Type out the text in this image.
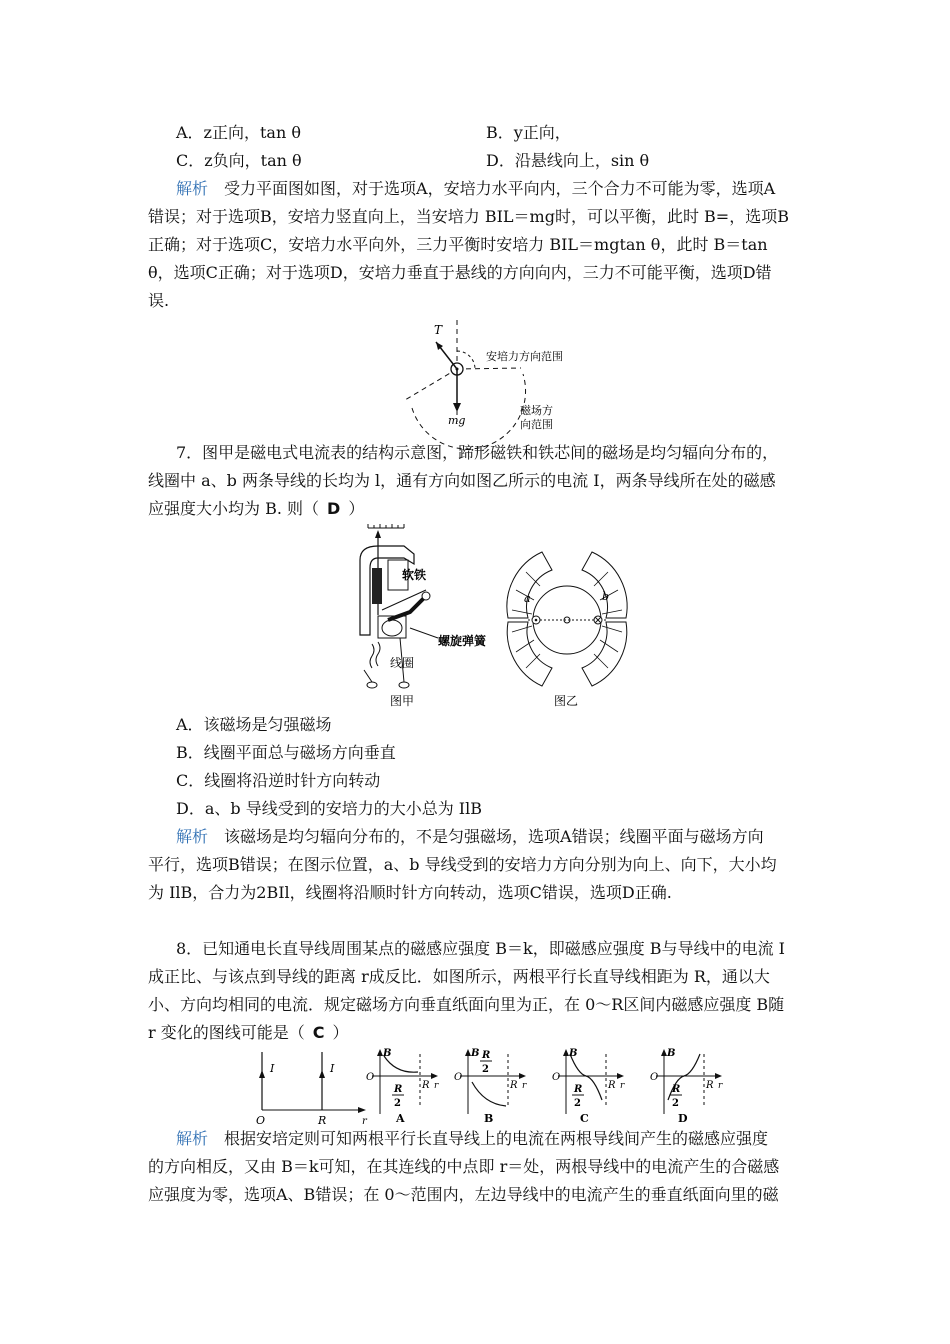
A．z正向，tan θ	B．y正向，
C．z负向，tan θ	D．沿悬线向上，sin θ
解析 受力平面图如图，对于选项A，安培力水平向内，三个合力不可能为零，选项A
错误；对于选项B，安培力竖直向上，当安培力 BIL＝mg时，可以平衡，此时 B=，选项B
正确；对于选项C，安培力水平向外，三力平衡时安培力 BIL＝mgtan θ，此时 B＝tan
θ，选项C正确；对于选项D，安培力垂直于悬线的方向向内，三力不可能平衡，选项D错
误.
T
mg
安培力方向范围
磁场方
向范围
7．图甲是磁电式电流表的结构示意图，蹄形磁铁和铁芯间的磁场是均匀辐向分布的，
线圈中 a、b 两条导线的长均为 l，通有方向如图乙所示的电流 I，两条导线所在处的磁感
应强度大小均为 B. 则（ D ）
软铁
螺旋弹簧
线圈
图甲
a	b
图乙
A．该磁场是匀强磁场
B．线圈平面总与磁场方向垂直
C．线圈将沿逆时针方向转动
D．a、b 导线受到的安培力的大小总为 IlB
解析 该磁场是均匀辐向分布的，不是匀强磁场，选项A错误；线圈平面与磁场方向
平行，选项B错误；在图示位置，a、b 导线受到的安培力方向分别为向上、向下，大小均
为 IlB，合力为2BIl，线圈将沿顺时针方向转动，选项C错误，选项D正确.
8．已知通电长直导线周围某点的磁感应强度 B＝k，即磁感应强度 B与导线中的电流 I
成正比、与该点到导线的距离 r成反比．如图所示，两根平行长直导线相距为 R，通以大
小、方向均相同的电流．规定磁场方向垂直纸面向里为正，在 0～R区间内磁感应强度 B随
r 变化的图线可能是（ C ）
I	I
O	R	r
B
O
R r
R
2
A
B
O
R r
R
2
B
B
O
R r
R
2
C
B
O
R r
R
2
D
解析 根据安培定则可知两根平行长直导线上的电流在两根导线间产生的磁感应强度
的方向相反，又由 B＝k可知，在其连线的中点即 r＝处，两根导线中的电流产生的合磁感
应强度为零，选项A、B错误；在 0～范围内，左边导线中的电流产生的垂直纸面向里的磁
